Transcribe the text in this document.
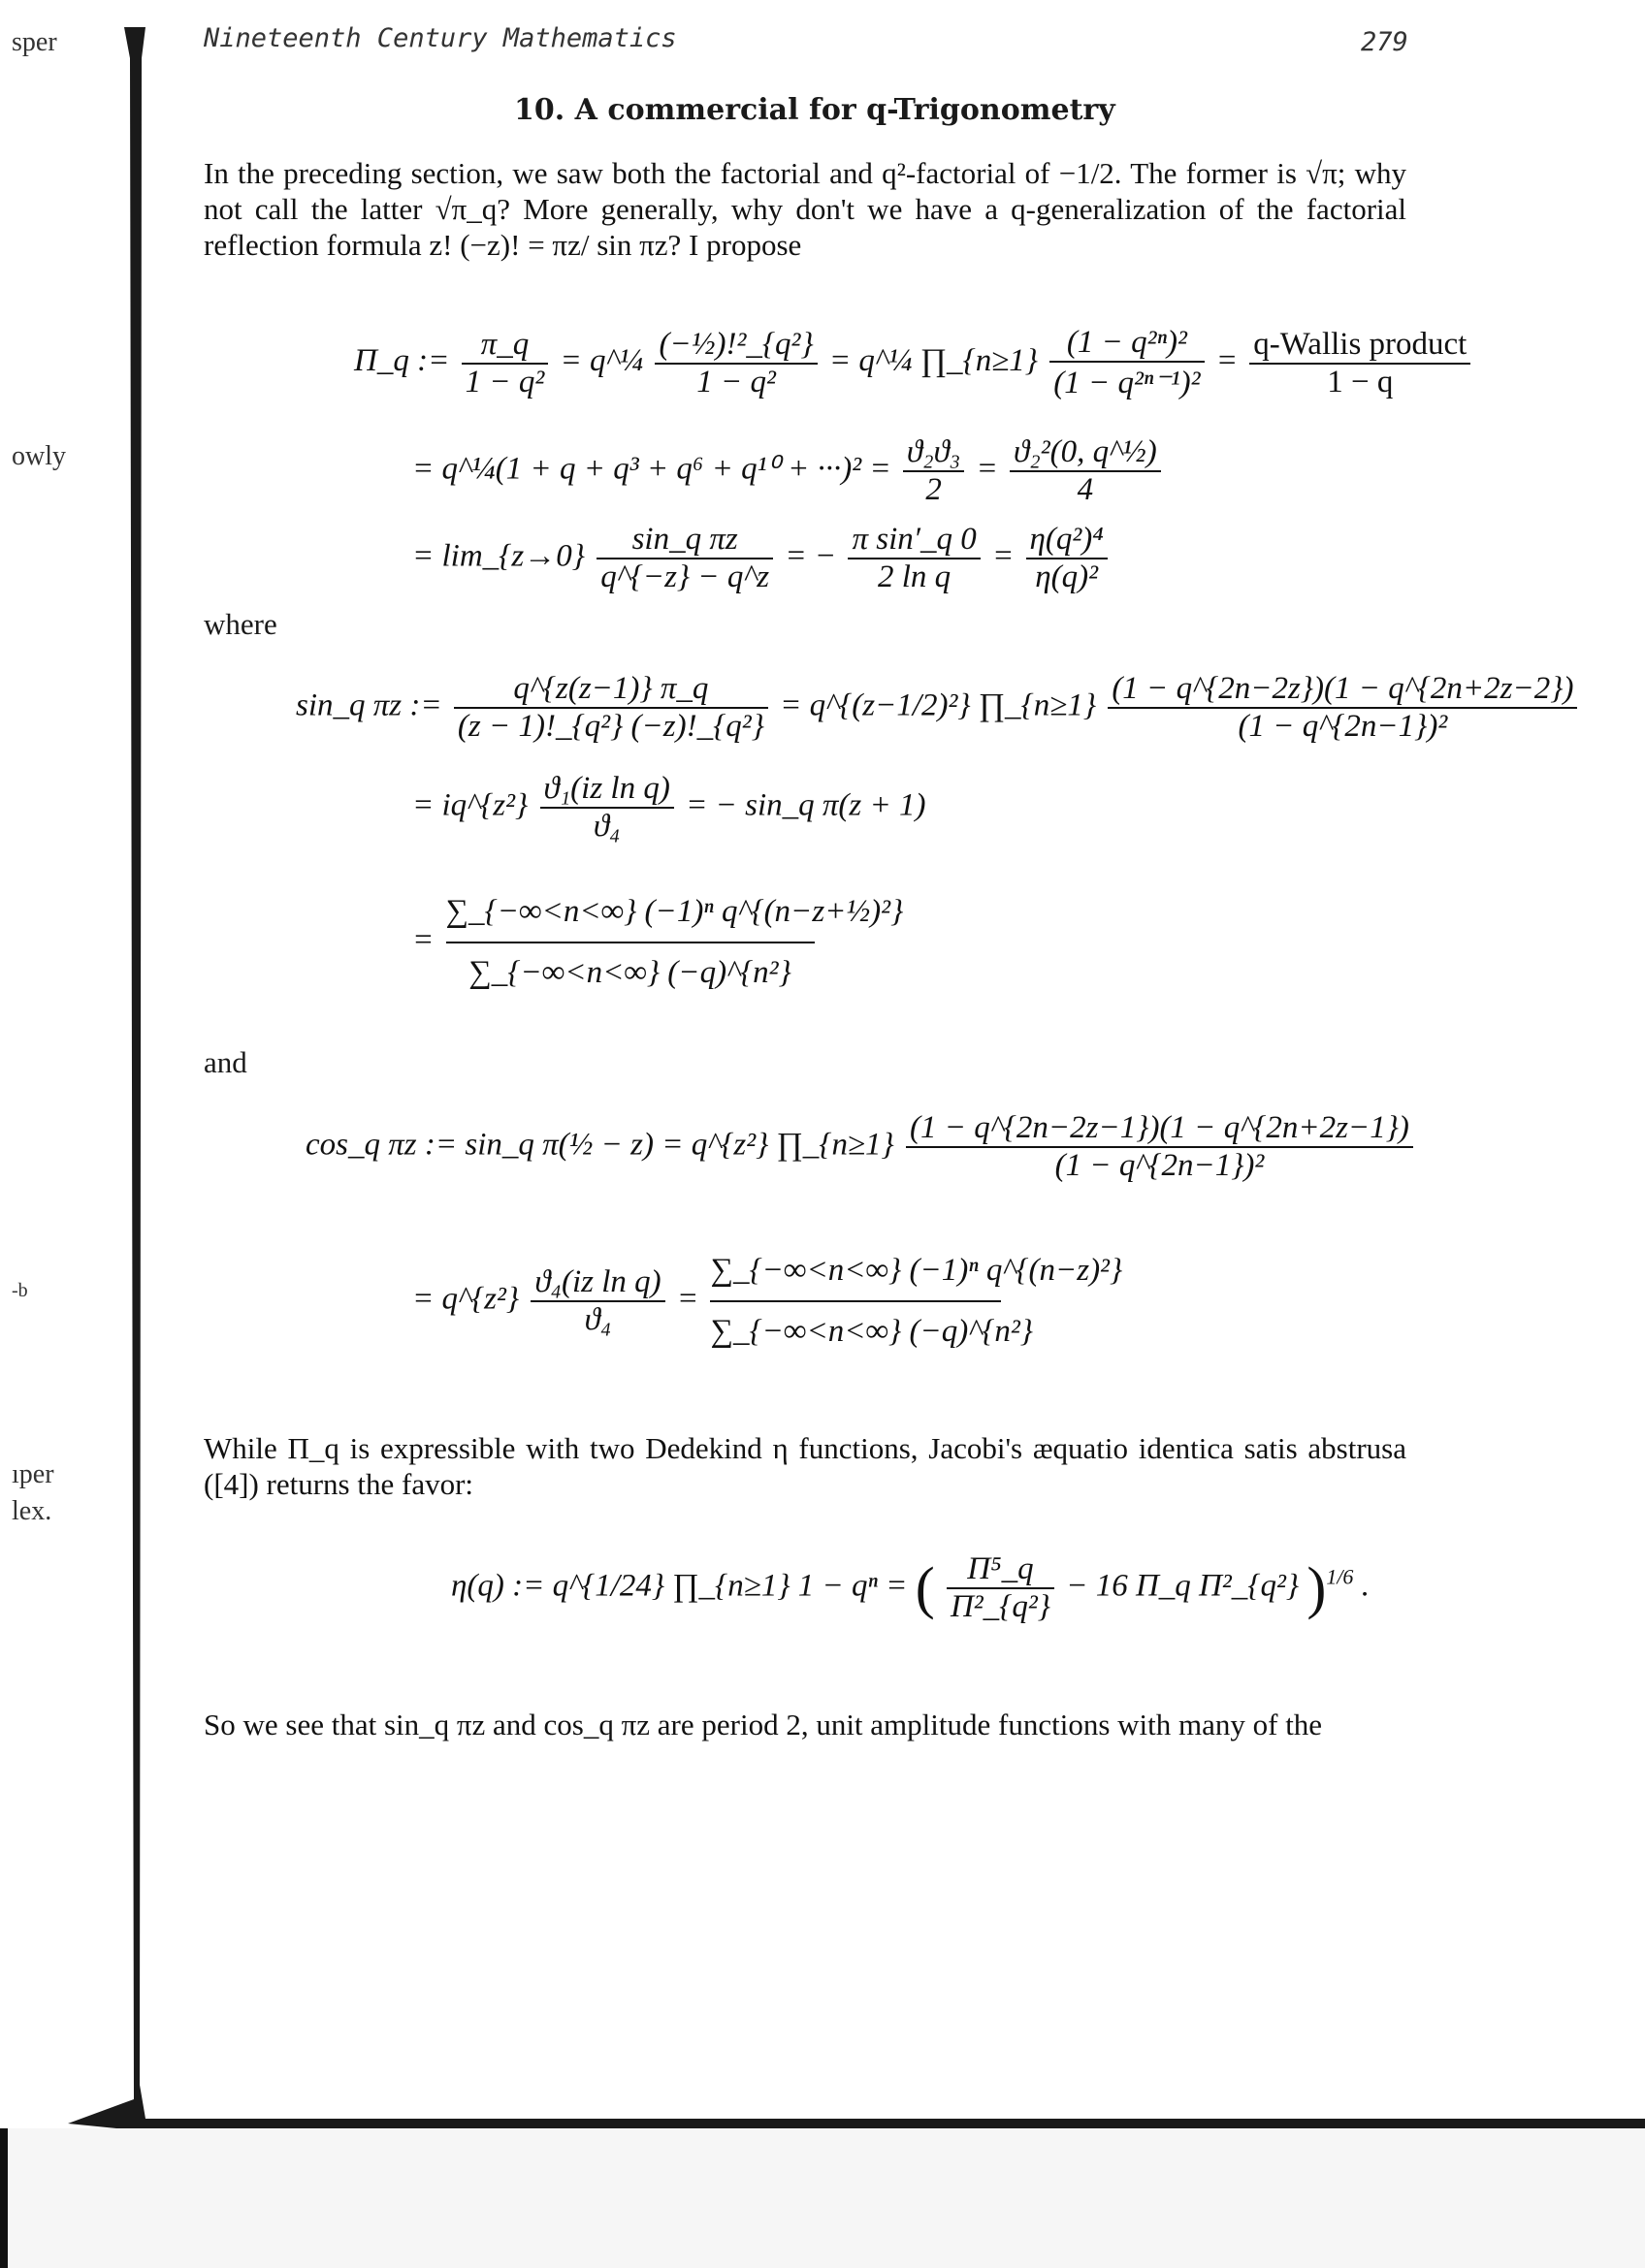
sper
owly
-b
ıper
lex.
Nineteenth Century Mathematics	279
10. A commercial for q-Trigonometry
In the preceding section, we saw both the factorial and q²-factorial of −1/2. The former is √π; why not call the latter √π_q? More generally, why don't we have a q-generalization of the factorial reflection formula z! (−z)! = πz/ sin πz? I propose
Π_q := $\frac{\pi\_q}{\text{1 − q²}}$ = q^¼ $\frac{\text{(−½)!²\_\{q²\}}}{\text{1 − q²}}$ = q^¼ ∏_{n≥1} $\frac{\text{(1 − q²ⁿ)²}}{\text{(1 − q²ⁿ⁻¹)²}} = \frac{\text{q-Wallis product}}{1 - q}$
= q^¼(1 + $q + q^3 + q^6 + q^{10} + \cdot\cdot\cdot)^2 = \frac{\text{ϑ₂ϑ₃}}{2} = \frac{\text{ϑ₂²(0, q\textasciicircum{}½)}}{4}$
= lim_{z→0} $\frac{\text{sin\_q πz}}{q\^{}\{-z\} - q\^{}z}$ = − $\frac{\text{π sin′\_q 0}}{\text{2 ln q}} = \frac{\text{η(q²)⁴}}{\text{η(q)²}}$
where
sin_q πz := $\frac{q\^{}\{z(z-1)\} \pi\_q}{\text{(z − 1)!\_\{q²\} (−z)!\_\{q²\}}}$ = q^{(z−1/2)²} ∏_{n≥1} $\frac{(1 - q\^{}\{2n-2z\})(1 - q\^{}\{2n+2z-2\})}{\text{(1 − q\textasciicircum{}\{2n−1\})²}}$
= iq^{z²} $\frac{\text{ϑ₁(iz ln q)}}{\text{ϑ₄}}$ = − sin_q π(z + 1)
= $\frac{\text{∑\_\{−∞<n<∞\} (−1)ⁿ q\textasciicircum{}\{(n−z+½)²\}}}{\text{∑\_\{−∞<n<∞\} (−q)\textasciicircum{}\{n²\}}}$
and
cos_q πz := sin_q π(½ − z) = q^{z²} ∏_{n≥1} $\frac{(1 - q\^{}\{2n-2z-1\})(1 - q\^{}\{2n+2z-1\})}{\text{(1 − q\textasciicircum{}\{2n−1\})²}}$
= q^{z²} $\frac{\text{ϑ₄(iz ln q)}}{\text{ϑ₄}} = \frac{\text{∑\_\{−∞<n<∞\} (−1)ⁿ q\textasciicircum{}\{(n−z)²\}}}{\text{∑\_\{−∞<n<∞\} (−q)\textasciicircum{}\{n²\}}}$
While Π_q is expressible with two Dedekind η functions, Jacobi's æquatio identica satis abstrusa ([4]) returns the favor:
η(q) := q^{1/24} ∏_{n≥1} 1 − qⁿ = ( $\frac{\text{Π⁵\_q}}{\text{Π²\_\{q²\}}} - 16$ Π_q Π²_{q²} )$^{1/6}$ .
So we see that sin_q πz and cos_q πz are period 2, unit amplitude functions with many of the
